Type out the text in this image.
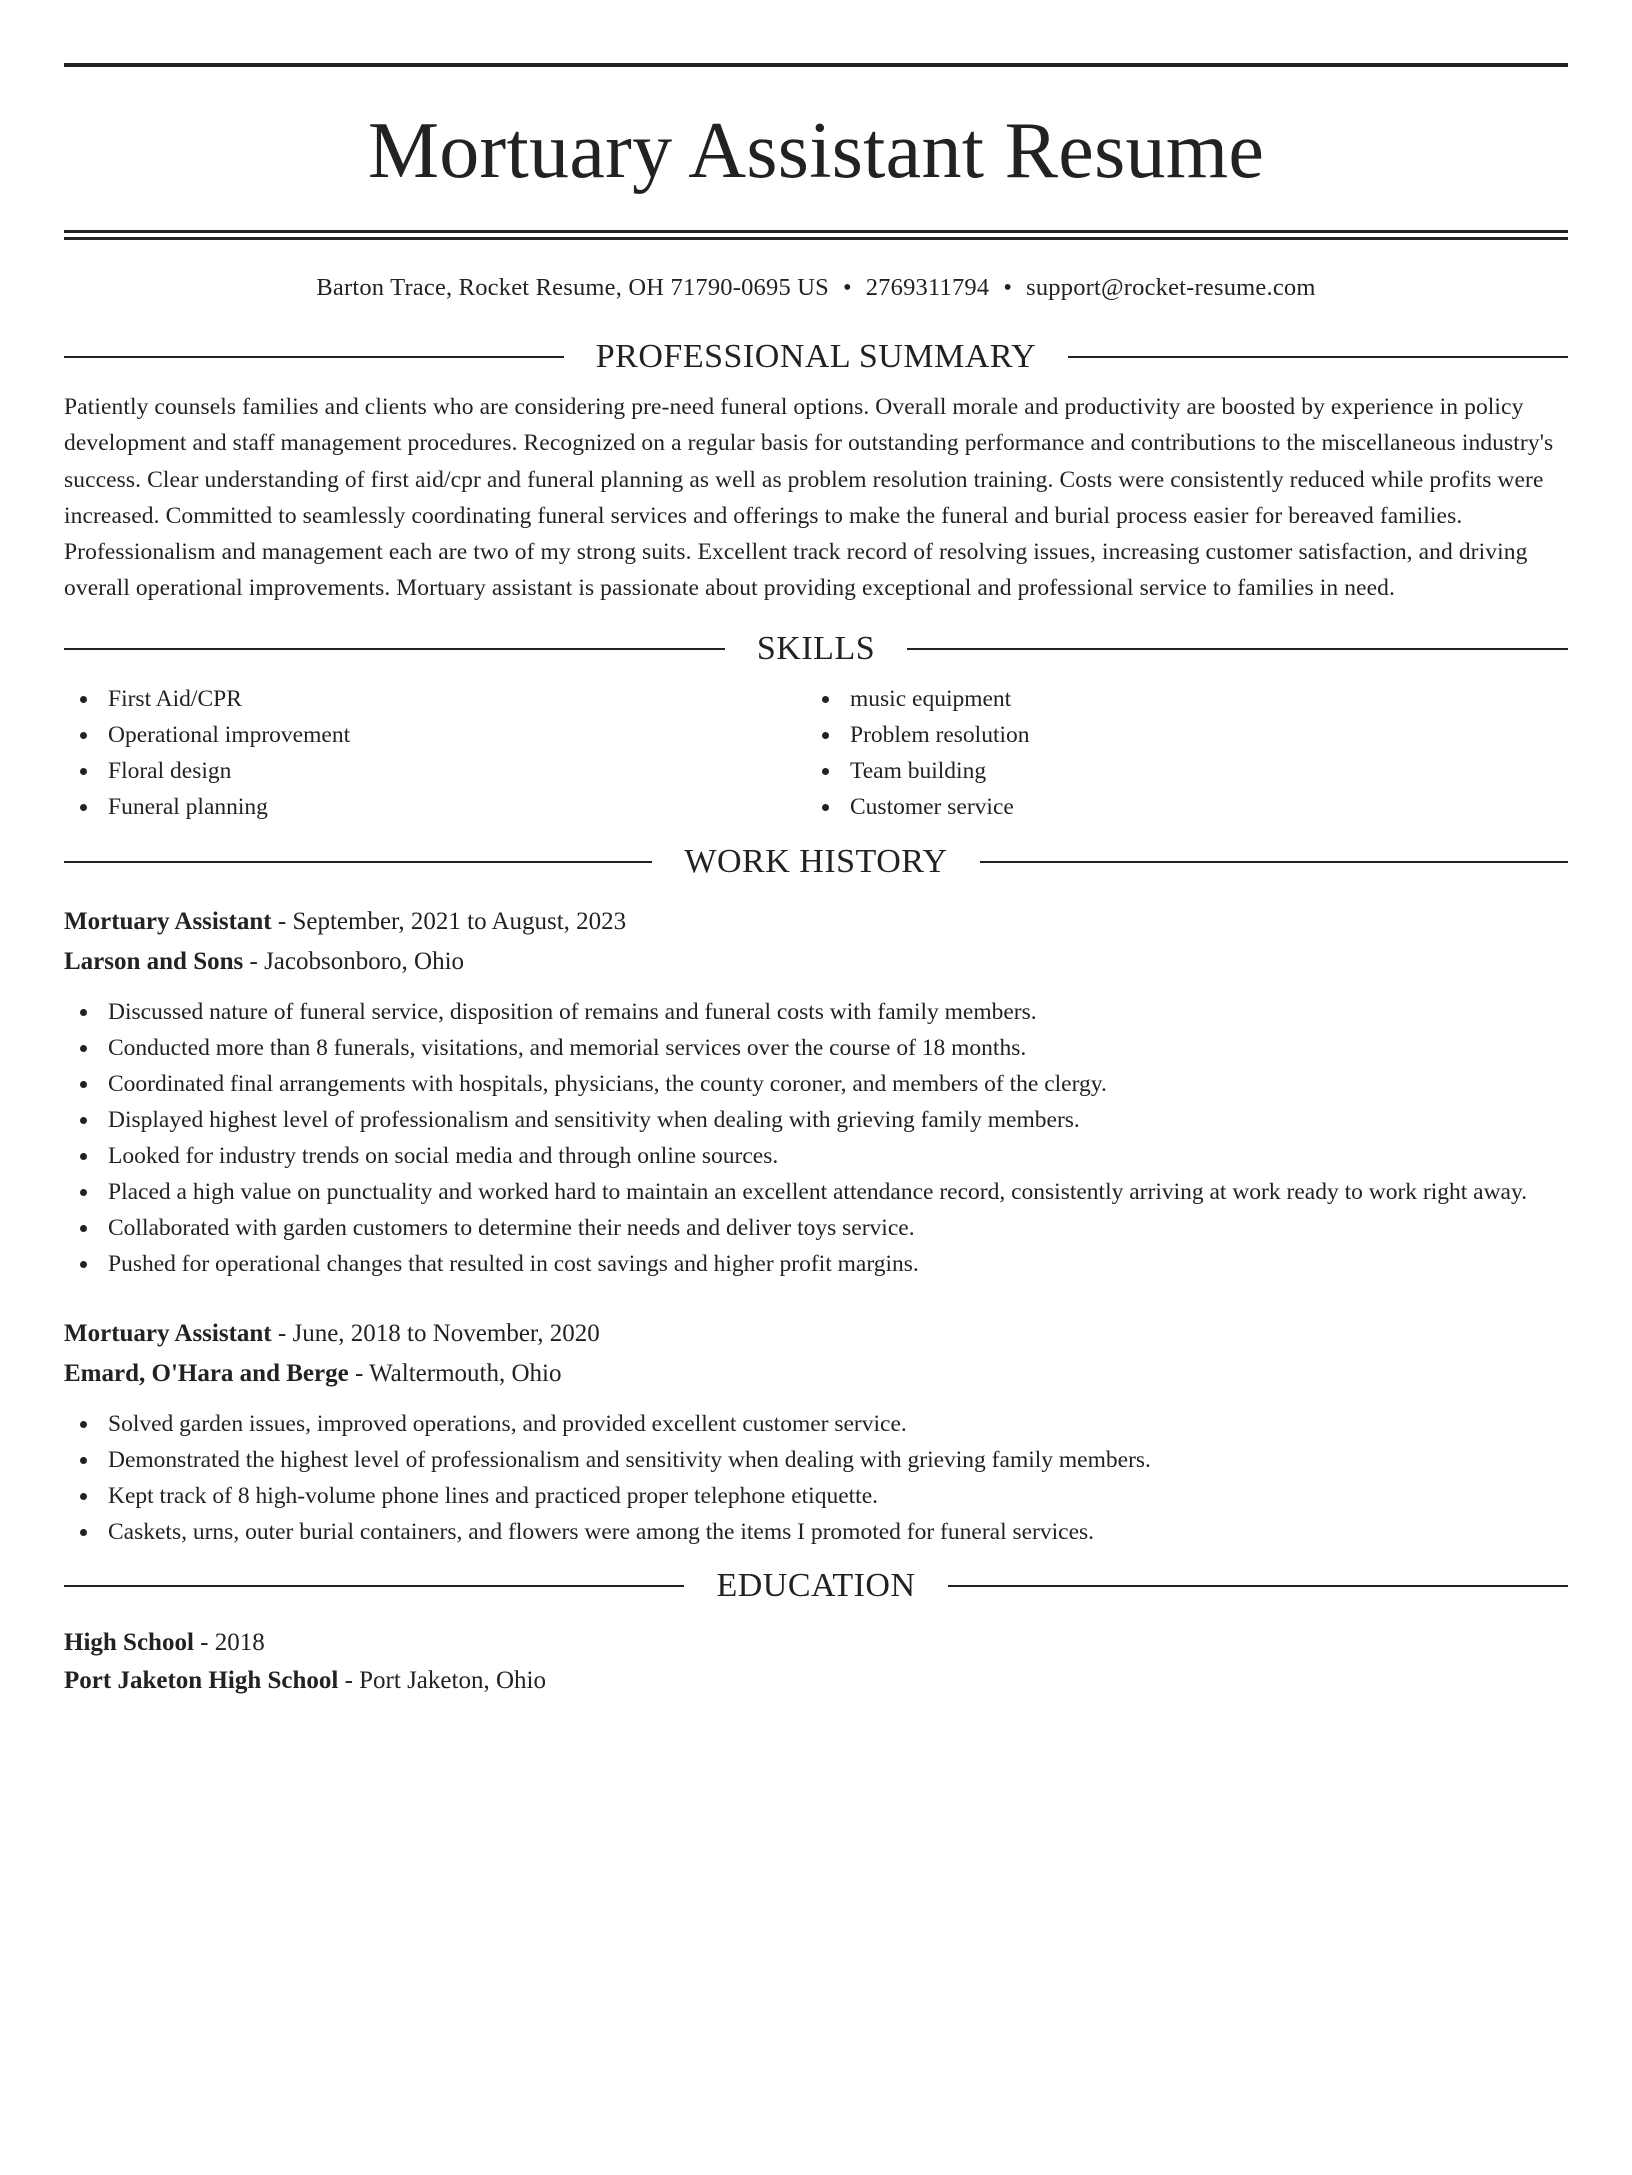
Mortuary Assistant Resume
Barton Trace, Rocket Resume, OH 71790-0695 US • 2769311794 • support@rocket-resume.com
PROFESSIONAL SUMMARY

Patiently counsels families and clients who are considering pre-need funeral options. Overall morale and productivity are boosted by experience in policy development and staff management procedures. Recognized on a regular basis for outstanding performance and contributions to the miscellaneous industry's success. Clear understanding of first aid/cpr and funeral planning as well as problem resolution training. Costs were consistently reduced while profits were increased. Committed to seamlessly coordinating funeral services and offerings to make the funeral and burial process easier for bereaved families. Professionalism and management each are two of my strong suits. Excellent track record of resolving issues, increasing customer satisfaction, and driving overall operational improvements. Mortuary assistant is passionate about providing exceptional and professional service to families in need.

SKILLS
First Aid/CPR
Operational improvement
Floral design
Funeral planning
music equipment
Problem resolution
Team building
Customer service
WORK HISTORY
Mortuary Assistant - September, 2021 to August, 2023
Larson and Sons - Jacobsonboro, Ohio
Discussed nature of funeral service, disposition of remains and funeral costs with family members.
Conducted more than 8 funerals, visitations, and memorial services over the course of 18 months.
Coordinated final arrangements with hospitals, physicians, the county coroner, and members of the clergy.
Displayed highest level of professionalism and sensitivity when dealing with grieving family members.
Looked for industry trends on social media and through online sources.
Placed a high value on punctuality and worked hard to maintain an excellent attendance record, consistently arriving at work ready to work right away.
Collaborated with garden customers to determine their needs and deliver toys service.
Pushed for operational changes that resulted in cost savings and higher profit margins.
Mortuary Assistant - June, 2018 to November, 2020
Emard, O'Hara and Berge - Waltermouth, Ohio
Solved garden issues, improved operations, and provided excellent customer service.
Demonstrated the highest level of professionalism and sensitivity when dealing with grieving family members.
Kept track of 8 high-volume phone lines and practiced proper telephone etiquette.
Caskets, urns, outer burial containers, and flowers were among the items I promoted for funeral services.
EDUCATION
High School - 2018
Port Jaketon High School - Port Jaketon, Ohio
